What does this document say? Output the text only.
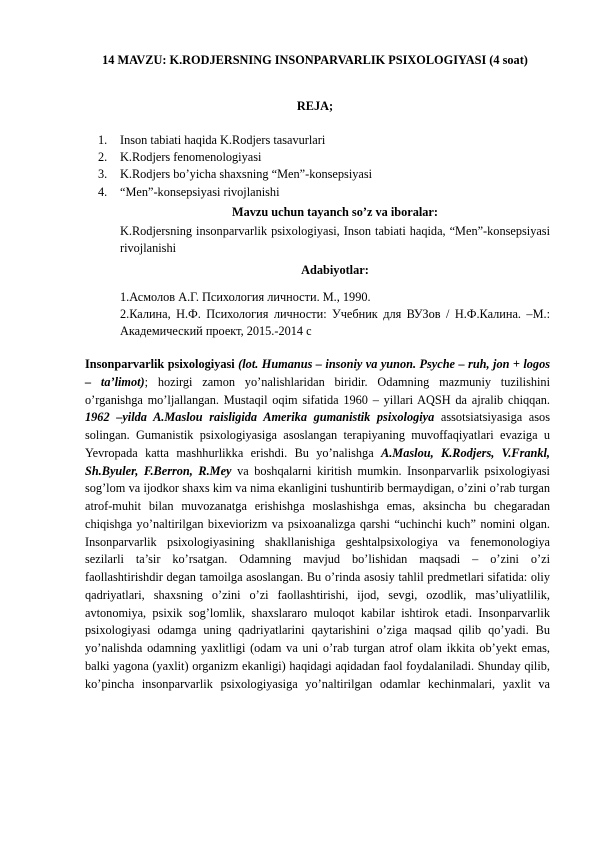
14 MAVZU: K.RODJERSNING INSONPARVARLIK PSIXOLOGIYASI (4 soat)
REJA;
1. Inson tabiati haqida K.Rodjers tasavurlari
2. K.Rodjers fenomenologiyasi
3. K.Rodjers bo’yicha shaxsning “Men”-konsepsiyasi
4. “Men”-konsepsiyasi rivojlanishi
Mavzu uchun tayanch so’z va iboralar:
K.Rodjersning insonparvarlik psixologiyasi, Inson tabiati haqida, “Men”-konsepsiyasi rivojlanishi
Adabiyotlar:
1.Асмолов А.Г. Психология личности. М., 1990.
2.Калина, Н.Ф. Психология личности: Учебник для ВУЗов / Н.Ф.Калина. –М.: Академический проект, 2015.-2014 с
Insonparvarlik psixologiyasi (lot. Humanus – insoniy va yunon. Psyche – ruh, jon + logos – ta’limot); hozirgi zamon yo’nalishlaridan biridir. Odamning mazmuniy tuzilishini o’rganishga mo’ljallangan. Mustaqil oqim sifatida 1960 – yillari AQSH da ajralib chiqqan. 1962 –yilda A.Maslou raisligida Amerika gumanistik psixologiya assotsiatsiyasiga asos solingan. Gumanistik psixologiyasiga asoslangan terapiyaning muvoffaqiyatlari evaziga u Yevropada katta mashhurlikka erishdi. Bu yo’nalishga A.Maslou, K.Rodjers, V.Frankl, Sh.Byuler, F.Berron, R.Mey va boshqalarni kiritish mumkin. Insonparvarlik psixologiyasi sog’lom va ijodkor shaxs kim va nima ekanligini tushuntirib bermaydigan, o’zini o’rab turgan atrof-muhit bilan muvozanatga erishishga moslashishga emas, aksincha bu chegaradan chiqishga yo’naltirilgan bixeviorizm va psixoanalizga qarshi “uchinchi kuch” nomini olgan. Insonparvarlik psixologiyasining shakllanishiga geshtalpsixologiya va fenemonologiya sezilarli ta’sir ko’rsatgan. Odamning mavjud bo’lishidan maqsadi – o’zini o’zi faollashtirishdir degan tamoilga asoslangan. Bu o’rinda asosiy tahlil predmetlari sifatida: oliy qadriyatlari, shaxsning o’zini o’zi faollashtirishi, ijod, sevgi, ozodlik, mas’uliyatlilik, avtonomiya, psixik sog’lomlik, shaxslararo muloqot kabilar ishtirok etadi. Insonparvarlik psixologiyasi odamga uning qadriyatlarini qaytarishini o’ziga maqsad qilib qo’yadi. Bu yo’nalishda odamning yaxlitligi (odam va uni o’rab turgan atrof olam ikkita ob’yekt emas, balki yagona (yaxlit) organizm ekanligi) haqidagi aqidadan faol foydalaniladi. Shunday qilib, ko’pincha insonparvarlik psixologiyasiga yo’naltirilgan odamlar kechinmalari, yaxlit va
